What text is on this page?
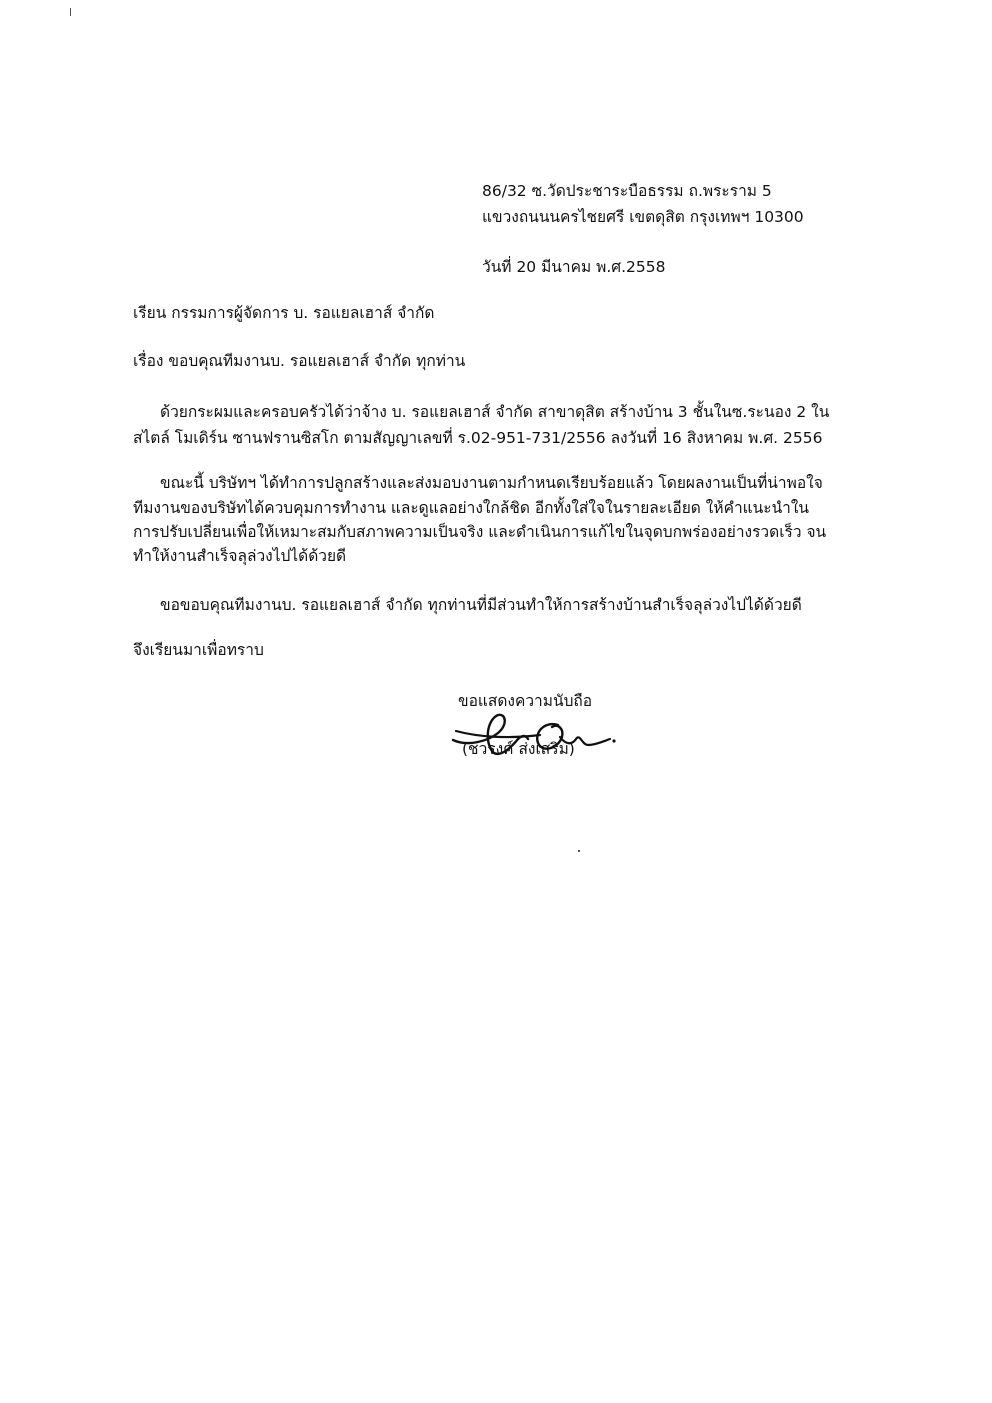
86/32 ซ.วัดประชาระบือธรรม ถ.พระราม 5
แขวงถนนนครไชยศรี เขตดุสิต กรุงเทพฯ 10300
วันที่ 20 มีนาคม พ.ศ.2558
เรียน กรรมการผู้จัดการ บ. รอแยลเฮาส์ จำกัด
เรื่อง ขอบคุณทีมงานบ. รอแยลเฮาส์ จำกัด ทุกท่าน
ด้วยกระผมและครอบครัวได้ว่าจ้าง บ. รอแยลเฮาส์ จำกัด สาขาดุสิต สร้างบ้าน 3 ชั้นในซ.ระนอง 2 ใน
สไตล์ โมเดิร์น ซานฟรานซิสโก ตามสัญญาเลขที่ ร.02-951-731/2556 ลงวันที่ 16 สิงหาคม พ.ศ. 2556
ขณะนี้ บริษัทฯ ได้ทำการปลูกสร้างและส่งมอบงานตามกำหนดเรียบร้อยแล้ว โดยผลงานเป็นที่น่าพอใจ
ทีมงานของบริษัทได้ควบคุมการทำงาน และดูแลอย่างใกล้ชิด อีกทั้งใส่ใจในรายละเอียด ให้คำแนะนำใน
การปรับเปลี่ยนเพื่อให้เหมาะสมกับสภาพความเป็นจริง และดำเนินการแก้ไขในจุดบกพร่องอย่างรวดเร็ว จน
ทำให้งานสำเร็จลุล่วงไปได้ด้วยดี
ขอขอบคุณทีมงานบ. รอแยลเฮาส์ จำกัด ทุกท่านที่มีส่วนทำให้การสร้างบ้านสำเร็จลุล่วงไปได้ด้วยดี
จึงเรียนมาเพื่อทราบ
ขอแสดงความนับถือ
(ชวรงค์ ส่งเสริม)
